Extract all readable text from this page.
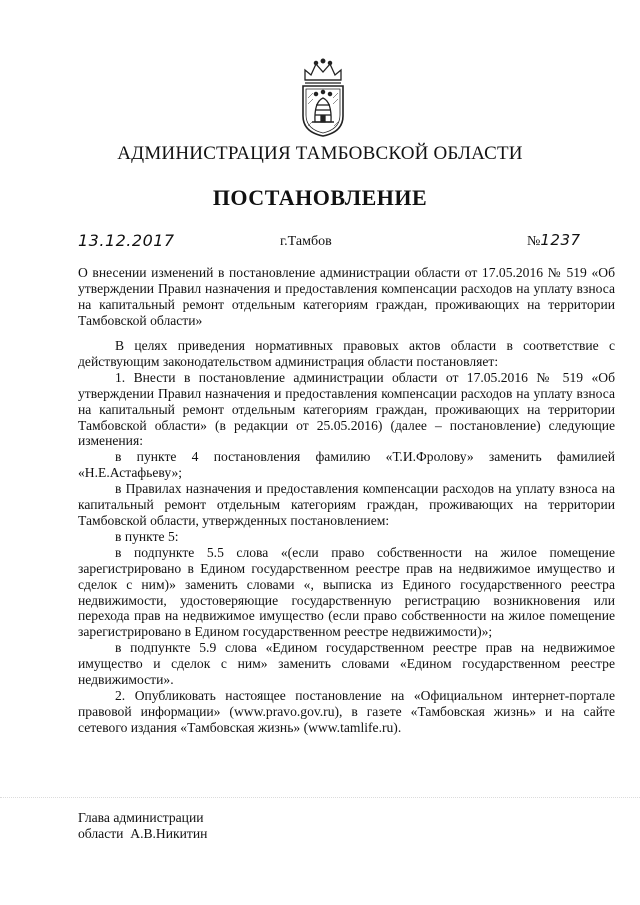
АДМИНИСТРАЦИЯ ТАМБОВСКОЙ ОБЛАСТИ
ПОСТАНОВЛЕНИЕ
13.12.2017	г.Тамбов	№1237

О внесении изменений в постановление администрации области от 17.05.2016 № 519 «Об утверждении Правил назначения и предоставления компенсации расходов на уплату взноса на капитальный ремонт отдельным категориям граждан, проживающих на территории Тамбовской области»

В целях приведения нормативных правовых актов области в соответствие с действующим законодательством администрация области постановляет:

1. Внести в постановление администрации области от 17.05.2016 № 519 «Об утверждении Правил назначения и предоставления компенсации расходов на уплату взноса на капитальный ремонт отдельным категориям граждан, проживающих на территории Тамбовской области» (в редакции от 25.05.2016) (далее – постановление) следующие изменения:

в пункте 4 постановления фамилию «Т.И.Фролову» заменить фамилией «Н.Е.Астафьеву»;

в Правилах назначения и предоставления компенсации расходов на уплату взноса на капитальный ремонт отдельным категориям граждан, проживающих на территории Тамбовской области, утвержденных постановлением:

в пункте 5:

в подпункте 5.5 слова «(если право собственности на жилое помещение зарегистрировано в Едином государственном реестре прав на недвижимое имущество и сделок с ним)» заменить словами «, выписка из Единого государственного реестра недвижимости, удостоверяющие государственную регистрацию возникновения или перехода прав на недвижимое имущество (если право собственности на жилое помещение зарегистрировано в Едином государственном реестре недвижимости)»;

в подпункте 5.9 слова «Едином государственном реестре прав на недвижимое имущество и сделок с ним» заменить словами «Едином государственном реестре недвижимости».

2. Опубликовать настоящее постановление на «Официальном интернет-портале правовой информации» (www.pravo.gov.ru), в газете «Тамбовская жизнь» и на сайте сетевого издания «Тамбовская жизнь» (www.tamlife.ru).

Глава администрации
области А.В.Никитин
